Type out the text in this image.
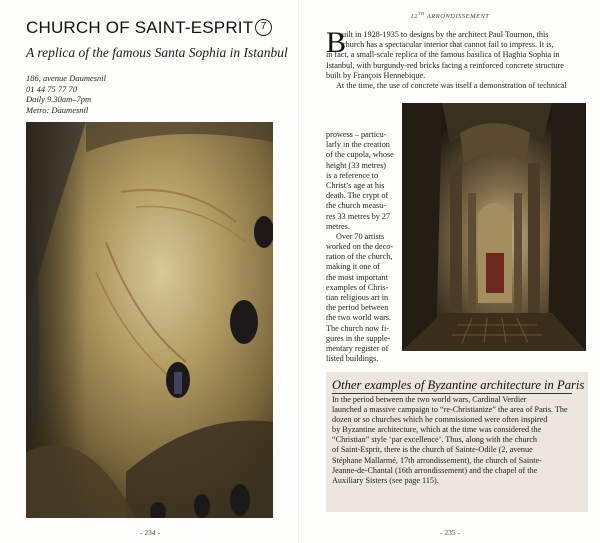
CHURCH OF SAINT-ESPRIT 7
A replica of the famous Santa Sophia in Istanbul
186, avenue Daumesnil
01 44 75 77 70
Daily 9.30am–7pm
Metro: Daumesnil
- 234 -
12TH ARRONDISSEMENT
B
uilt in 1928-1935 to designs by the architect Paul Tournon, this
church has a spectacular interior that cannot fail to impress. It is,
in fact, a small-scale replica of the famous basilica of Haghia Sophia in
Istanbul, with burgundy-red bricks facing a reinforced concrete structure
built by François Hennebique.
At the time, the use of concrete was itself a demonstration of technical
prowess – particu-
larly in the creation
of the cupola, whose
height (33 metres)
is a reference to
Christ’s age at his
death. The crypt of
the church measu-
res 33 metres by 27
metres.
Over 70 artists
worked on the deco-
ration of the church,
making it one of
the most important
examples of Chris-
tian religious art in
the period between
the two world wars.
The church now fi-
gures in the supple-
mentary register of
listed buildings.
Other examples of Byzantine architecture in Paris
In the period between the two world wars, Cardinal Verdier
launched a massive campaign to “re-Christianize” the area of Paris. The
dozen or so churches which he commissioned were often inspired
by Byzantine architecture, which at the time was considered the
“Christian” style ‘par excellence’. Thus, along with the church
of Saint-Esprit, there is the church of Sainte-Odile (2, avenue
Stéphane Mallarmé, 17th arrondissement), the church of Sainte-
Jeanne-de-Chantal (16th arrondissement) and the chapel of the
Auxiliary Sisters (see page 115).
- 235 -
